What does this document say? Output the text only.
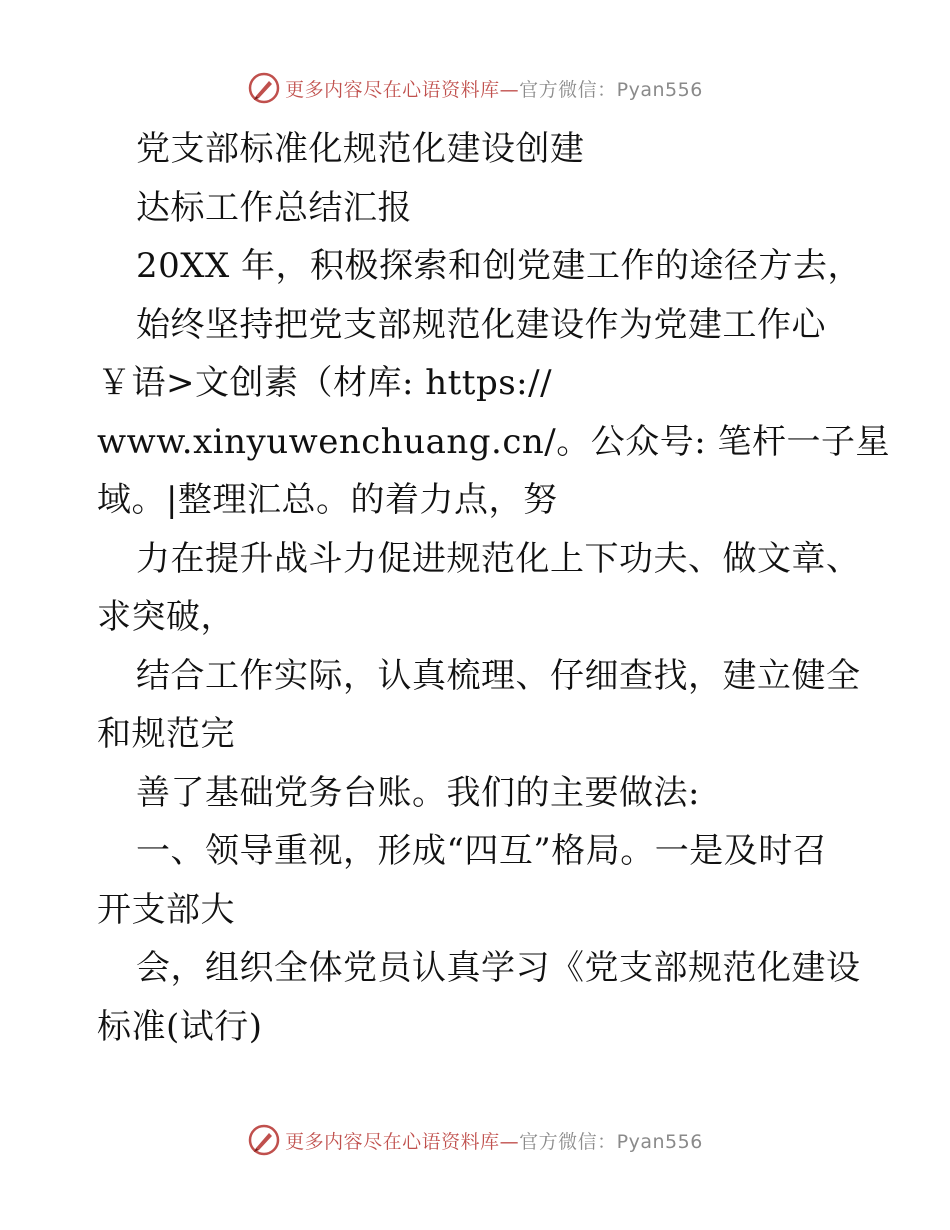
更多内容尽在心语资料库—官方微信：Pyan556
党支部标准化规范化建设创建
达标工作总结汇报
20XX 年，积极探索和创党建工作的途径方去，
始终坚持把党支部规范化建设作为党建工作心
￥语>文创素（材库: https://
www.xinyuwenchuang.cn/。公众号: 笔杆一子星
域。|整理汇总。的着力点，努
力在提升战斗力促进规范化上下功夫、做文章、
求突破，
结合工作实际，认真梳理、仔细查找，建立健全
和规范完
善了基础党务台账。我们的主要做法:
一、领导重视，形成“四互”格局。一是及时召
开支部大
会，组织全体党员认真学习《党支部规范化建设
标准(试行)
更多内容尽在心语资料库—官方微信：Pyan556
